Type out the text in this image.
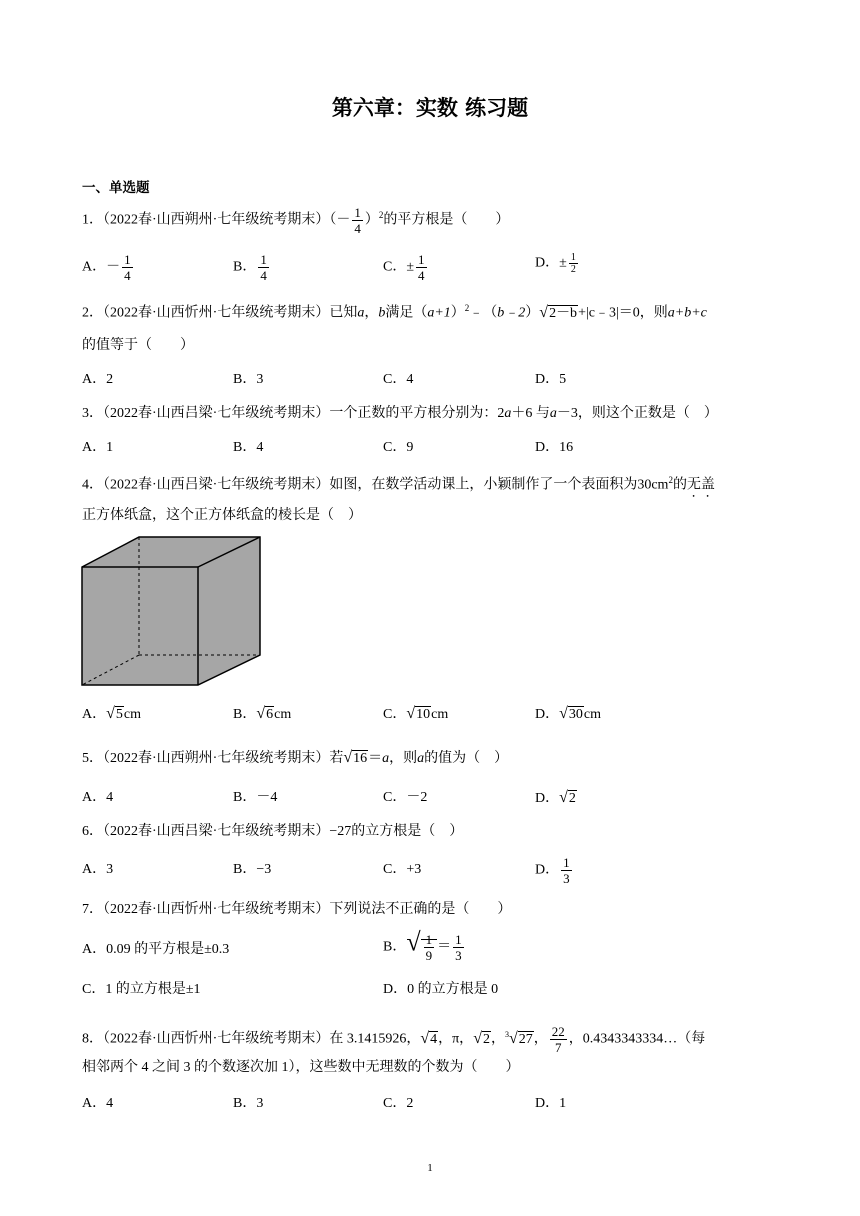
第六章：实数 练习题
一、单选题
1．（2022春·山西朔州·七年级统考期末）（－ $\frac{1}{4} )^2$的平方根是（　　）
A．－ $\frac{1}{4}$	B． $\frac{1}{4}$	C．± $\frac{1}{4}$	D．± $\frac{1}{2}$
2．（2022春·山西忻州·七年级统考期末）已知a，b满足$(a+1)^2﹣(b﹣2)√2-b+|c﹣3|=0$，则a+b+c
的值等于（　　）
A．2	B．3	C．4	D．5
3．（2022春·山西吕梁·七年级统考期末）一个正数的平方根分别为：2a＋6 与a－3，则这个正数是（　）
A．1	B．4	C．9	D．16
4．（2022春·山西吕梁·七年级统考期末）如图，在数学活动课上，小颖制作了一个表面积为$30cm^2$的无盖
正方体纸盒，这个正方体纸盒的棱长是（　）
A．√5cm	B．√6cm	C．√10cm	D．√30cm
5．（2022春·山西朔州·七年级统考期末）若√16＝a，则a的值为（　）
A．4	B．－4	C．－2	D．√2
6．（2022春·山西吕梁·七年级统考期末）−27的立方根是（　）
A．3	B．−3	C．+3	D． $\frac{1}{3}$
7．（2022春·山西忻州·七年级统考期末）下列说法不正确的是（　　）
A．0.09 的平方根是±0.3	B．√ $\frac{1}{9} = \frac{1}{3}$
C．1 的立方根是±1	D．0 的立方根是 0
8．（2022春·山西忻州·七年级统考期末）在 3.1415926，√4，π，√2，$^3$√27， $\frac{22}{7}$ ，0.4343343334…（每
相邻两个 4 之间 3 的个数逐次加 1），这些数中无理数的个数为（　　）
A．4	B．3	C．2	D．1
1
